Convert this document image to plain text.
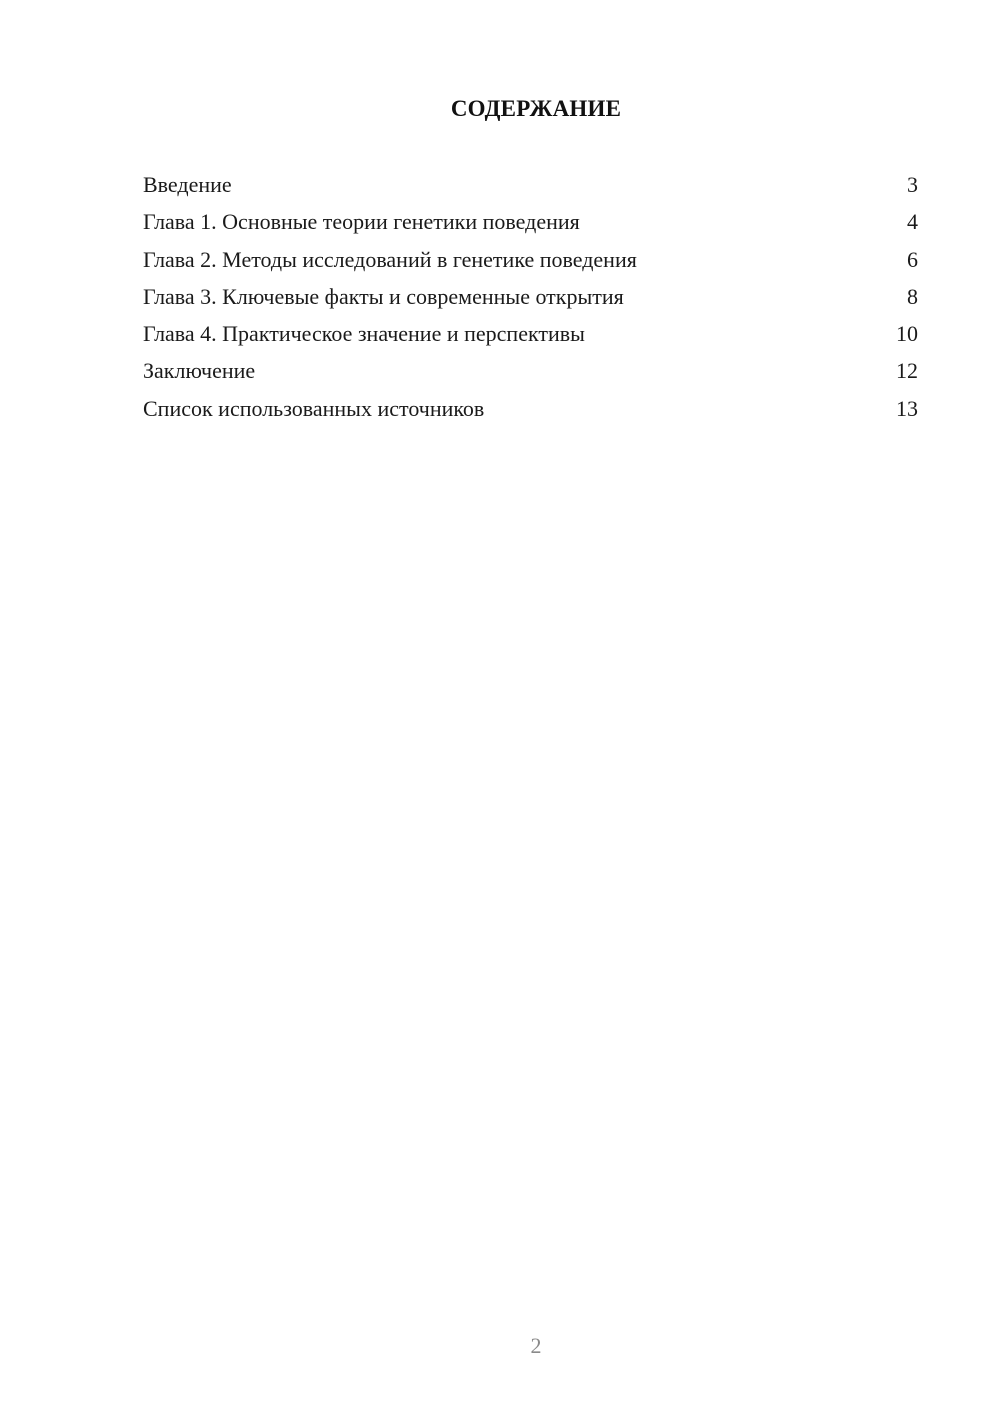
СОДЕРЖАНИЕ
Введение	3
Глава 1. Основные теории генетики поведения	4
Глава 2. Методы исследований в генетике поведения	6
Глава 3. Ключевые факты и современные открытия	8
Глава 4. Практическое значение и перспективы	10
Заключение	12
Список использованных источников	13
2
